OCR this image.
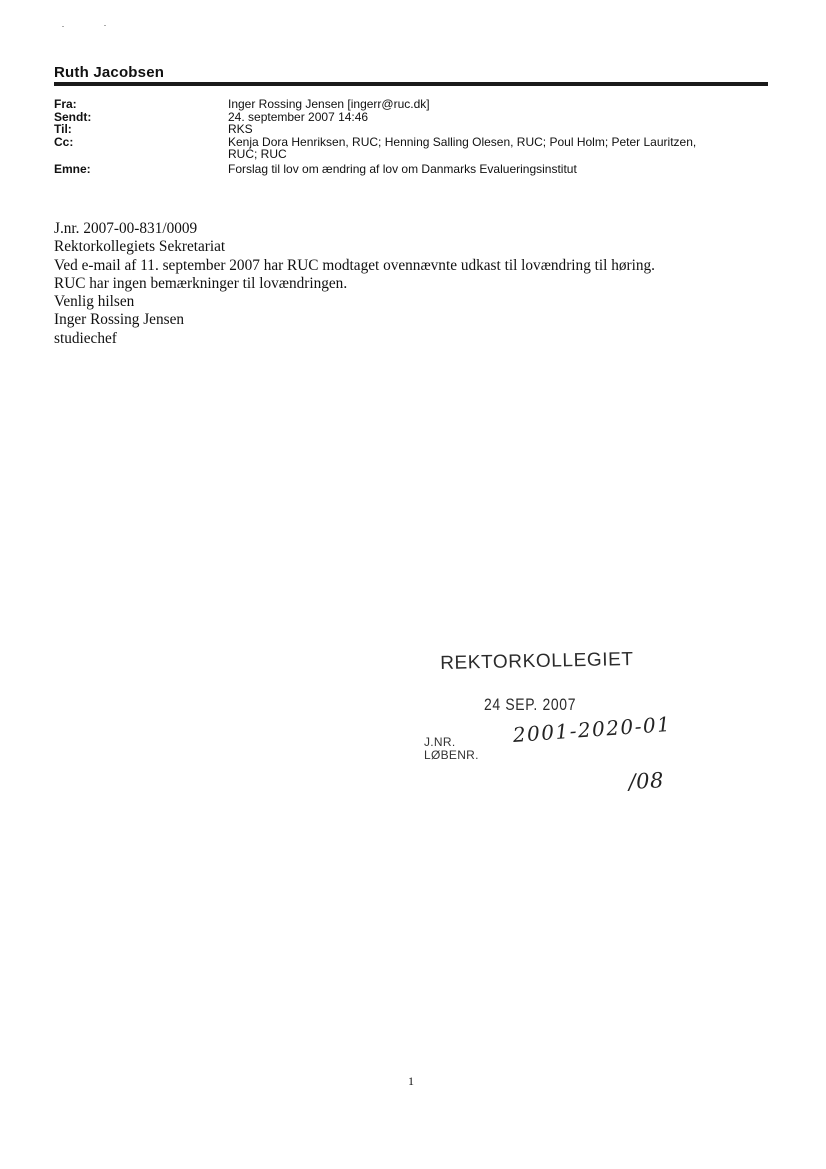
Ruth Jacobsen
Fra:	Inger Rossing Jensen [ingerr@ruc.dk]
Sendt:	24. september 2007 14:46
Til:	RKS
Cc:	Kenja Dora Henriksen, RUC; Henning Salling Olesen, RUC; Poul Holm; Peter Lauritzen,
RUC; RUC
Emne:	Forslag til lov om ændring af lov om Danmarks Evalueringsinstitut
J.nr. 2007-00-831/0009
Rektorkollegiets Sekretariat
Ved e-mail af 11. september 2007 har RUC modtaget ovennævnte udkast til lovændring til høring.
RUC har ingen bemærkninger til lovændringen.
Venlig hilsen
Inger Rossing Jensen
studiechef
REKTORKOLLEGIET
24 SEP. 2007
J.NR.
LØBENR.
2001-2020-01
/08
1
